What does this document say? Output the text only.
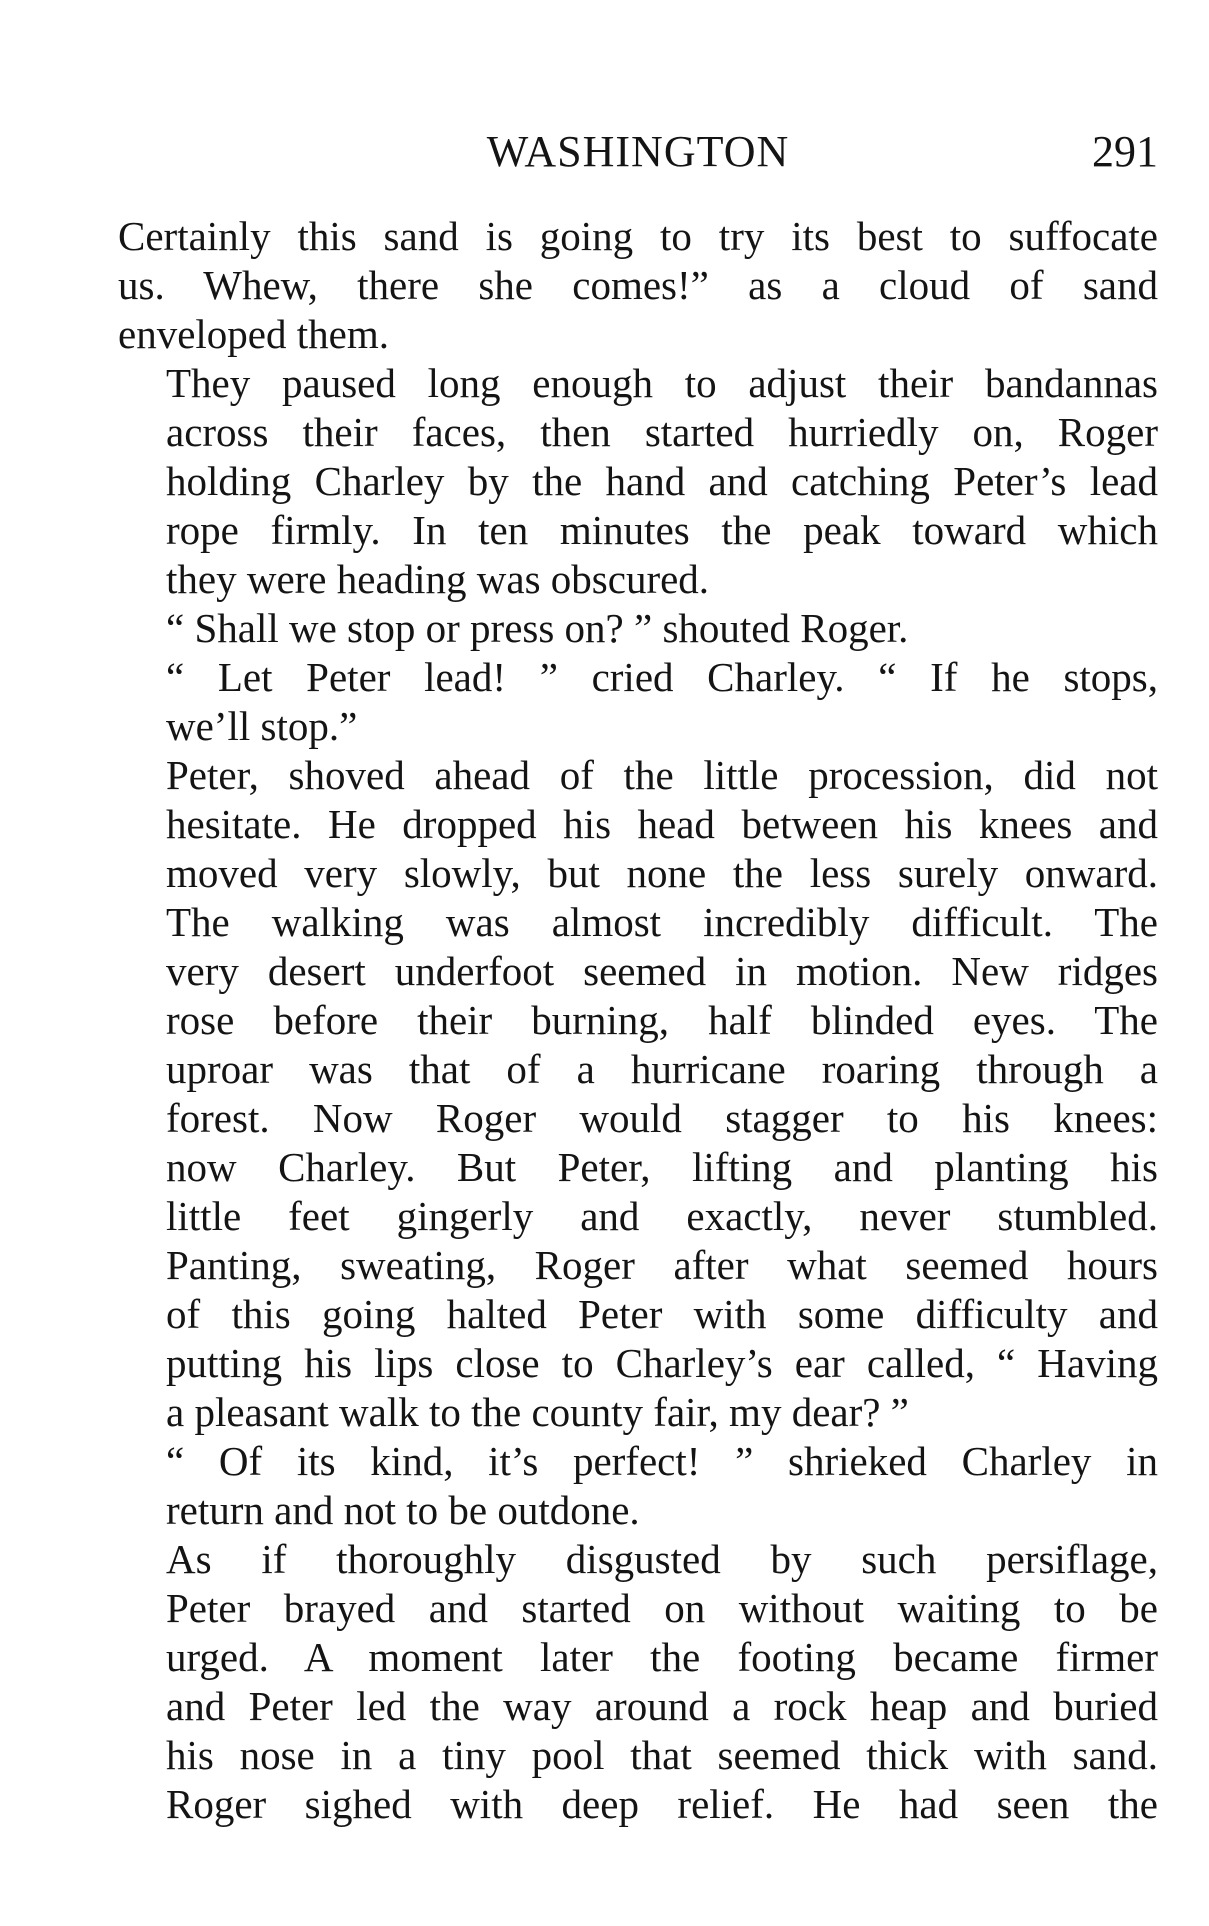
WASHINGTON	291

Certainly this sand is going to try its best to suffocate
us. Whew, there she comes!” as a cloud of sand
enveloped them.

They paused long enough to adjust their bandannas
across their faces, then started hurriedly on, Roger
holding Charley by the hand and catching Peter’s lead
rope firmly. In ten minutes the peak toward which
they were heading was obscured.

“ Shall we stop or press on? ” shouted Roger.

“ Let Peter lead! ” cried Charley. “ If he stops,
we’ll stop.”

Peter, shoved ahead of the little procession, did not
hesitate. He dropped his head between his knees and
moved very slowly, but none the less surely onward.
The walking was almost incredibly difficult. The
very desert underfoot seemed in motion. New ridges
rose before their burning, half blinded eyes. The
uproar was that of a hurricane roaring through a
forest. Now Roger would stagger to his knees:
now Charley. But Peter, lifting and planting his
little feet gingerly and exactly, never stumbled.
Panting, sweating, Roger after what seemed hours
of this going halted Peter with some difficulty and
putting his lips close to Charley’s ear called, “ Having
a pleasant walk to the county fair, my dear? ”

“ Of its kind, it’s perfect! ” shrieked Charley in
return and not to be outdone.

As if thoroughly disgusted by such persiflage,
Peter brayed and started on without waiting to be
urged. A moment later the footing became firmer
and Peter led the way around a rock heap and buried
his nose in a tiny pool that seemed thick with sand.
Roger sighed with deep relief. He had seen the
